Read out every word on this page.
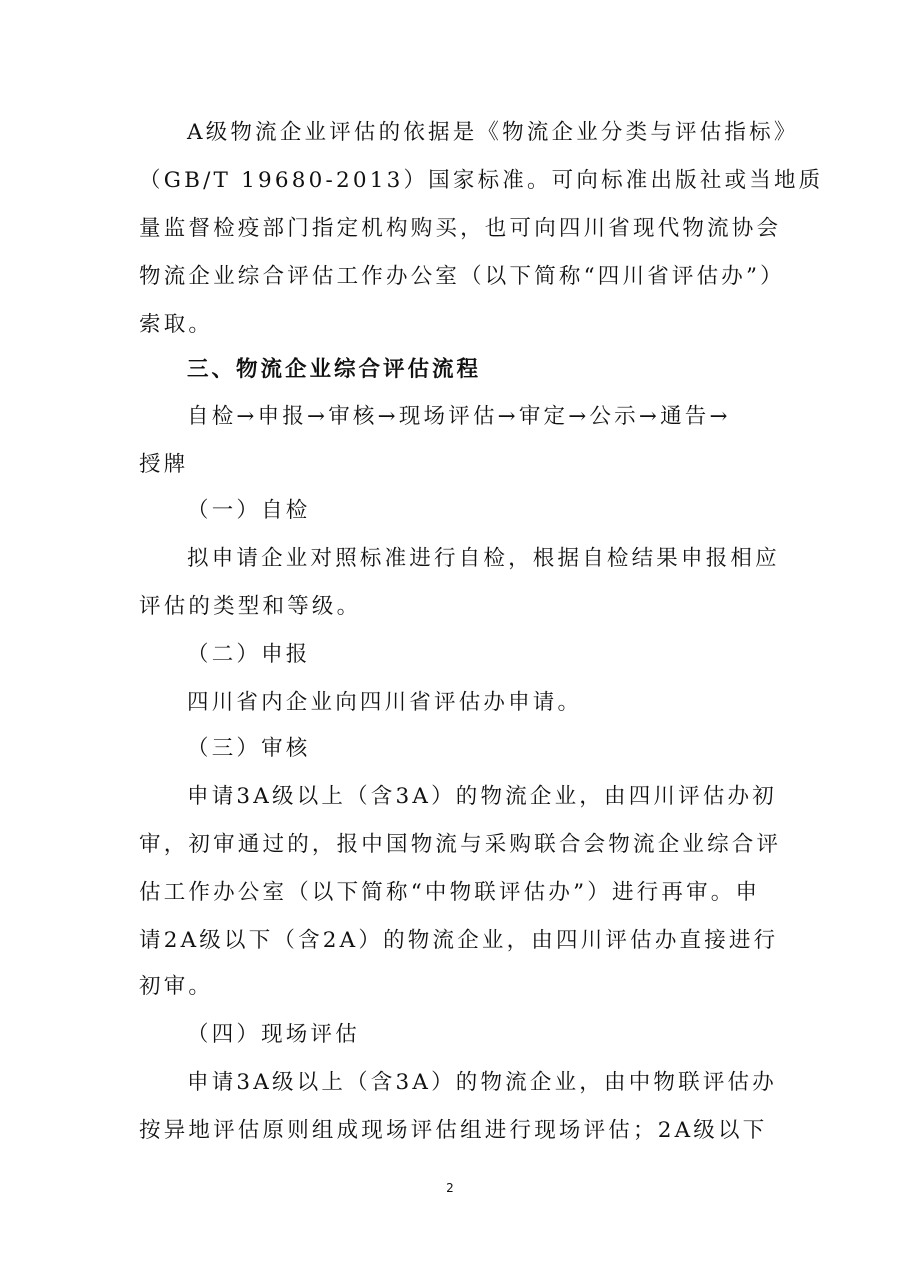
A级物流企业评估的依据是《物流企业分类与评估指标》

（GB/T 19680-2013）国家标准。可向标准出版社或当地质

量监督检疫部门指定机构购买，也可向四川省现代物流协会

物流企业综合评估工作办公室（以下简称“四川省评估办”）

索取。

三、物流企业综合评估流程

自检→申报→审核→现场评估→审定→公示→通告→

授牌

（一）自检

拟申请企业对照标准进行自检，根据自检结果申报相应

评估的类型和等级。

（二）申报

四川省内企业向四川省评估办申请。

（三）审核

申请3A级以上（含3A）的物流企业，由四川评估办初

审，初审通过的，报中国物流与采购联合会物流企业综合评

估工作办公室（以下简称“中物联评估办”）进行再审。申

请2A级以下（含2A）的物流企业，由四川评估办直接进行

初审。

（四）现场评估

申请3A级以上（含3A）的物流企业，由中物联评估办

按异地评估原则组成现场评估组进行现场评估；2A级以下

2
